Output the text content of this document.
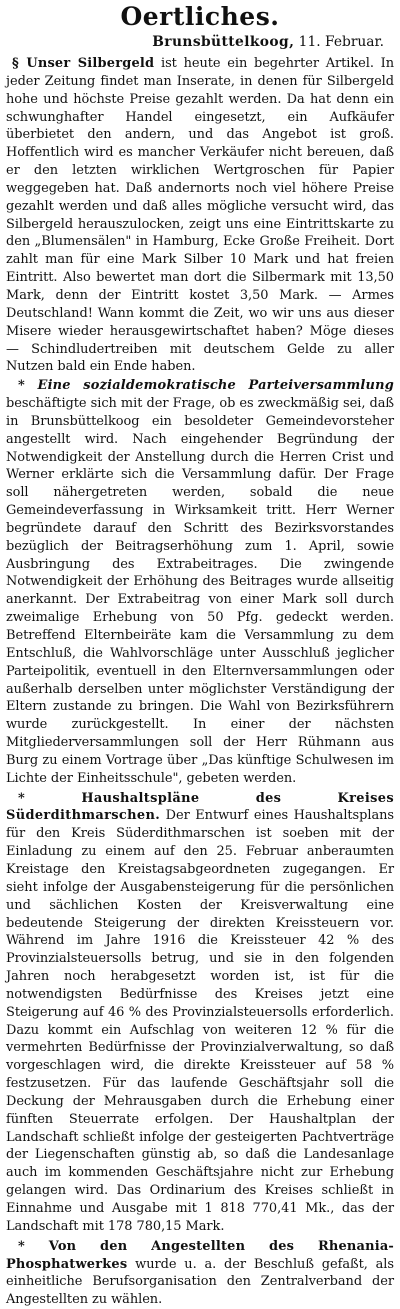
Oertliches.
Brunsbüttelkoog, 11. Februar.

§ Unser Silbergeld ist heute ein begehrter Artikel. In jeder Zeitung findet man Inserate, in denen für Silbergeld hohe und höchste Preise gezahlt werden. Da hat denn ein schwunghafter Handel eingesetzt, ein Aufkäufer überbietet den andern, und das Angebot ist groß. Hoffentlich wird es mancher Verkäufer nicht bereuen, daß er den letzten wirklichen Wertgroschen für Papier weggegeben hat. Daß andernorts noch viel höhere Preise gezahlt werden und daß alles mögliche versucht wird, das Silbergeld herauszulocken, zeigt uns eine Eintrittskarte zu den „Blumensälen" in Hamburg, Ecke Große Freiheit. Dort zahlt man für eine Mark Silber 10 Mark und hat freien Eintritt. Also bewertet man dort die Silbermark mit 13,50 Mark, denn der Eintritt kostet 3,50 Mark. — Armes Deutschland! Wann kommt die Zeit, wo wir uns aus dieser Misere wieder herausgewirtschaftet haben? Möge dieses — Schindludertreiben mit deutschem Gelde zu aller Nutzen bald ein Ende haben.

* Eine sozialdemokratische Parteiversammlung beschäftigte sich mit der Frage, ob es zweckmäßig sei, daß in Brunsbüttelkoog ein besoldeter Gemeindevorsteher angestellt wird. Nach eingehender Begründung der Notwendigkeit der Anstellung durch die Herren Crist und Werner erklärte sich die Versammlung dafür. Der Frage soll nähergetreten werden, sobald die neue Gemeindeverfassung in Wirksamkeit tritt. Herr Werner begründete darauf den Schritt des Bezirksvorstandes bezüglich der Beitragserhöhung zum 1. April, sowie Ausbringung des Extrabeitrages. Die zwingende Notwendigkeit der Erhöhung des Beitrages wurde allseitig anerkannt. Der Extrabeitrag von einer Mark soll durch zweimalige Erhebung von 50 Pfg. gedeckt werden. Betreffend Elternbeiräte kam die Versammlung zu dem Entschluß, die Wahlvorschläge unter Ausschluß jeglicher Parteipolitik, eventuell in den Elternversammlungen oder außerhalb derselben unter möglichster Verständigung der Eltern zustande zu bringen. Die Wahl von Bezirksführern wurde zurückgestellt. In einer der nächsten Mitgliederversammlungen soll der Herr Rühmann aus Burg zu einem Vortrage über „Das künftige Schulwesen im Lichte der Einheitsschule", gebeten werden.

* Haushaltspläne des Kreises Süderdithmarschen. Der Entwurf eines Haushaltsplans für den Kreis Süderdithmarschen ist soeben mit der Einladung zu einem auf den 25. Februar anberaumten Kreistage den Kreistagsabgeordneten zugegangen. Er sieht infolge der Ausgabensteigerung für die persönlichen und sächlichen Kosten der Kreisverwaltung eine bedeutende Steigerung der direkten Kreissteuern vor. Während im Jahre 1916 die Kreissteuer 42 % des Provinzialsteuersolls betrug, und sie in den folgenden Jahren noch herabgesetzt worden ist, ist für die notwendigsten Bedürfnisse des Kreises jetzt eine Steigerung auf 46 % des Provinzialsteuersolls erforderlich. Dazu kommt ein Aufschlag von weiteren 12 % für die vermehrten Bedürfnisse der Provinzialverwaltung, so daß vorgeschlagen wird, die direkte Kreissteuer auf 58 % festzusetzen. Für das laufende Geschäftsjahr soll die Deckung der Mehrausgaben durch die Erhebung einer fünften Steuerrate erfolgen. Der Haushaltplan der Landschaft schließt infolge der gesteigerten Pachtverträge der Liegenschaften günstig ab, so daß die Landesanlage auch im kommenden Geschäftsjahre nicht zur Erhebung gelangen wird. Das Ordinarium des Kreises schließt in Einnahme und Ausgabe mit 1 818 770,41 Mk., das der Landschaft mit 178 780,15 Mark.

* Von den Angestellten des Rhenania-Phosphatwerkes wurde u. a. der Beschluß gefaßt, als einheitliche Berufsorganisation den Zentralverband der Angestellten zu wählen.
